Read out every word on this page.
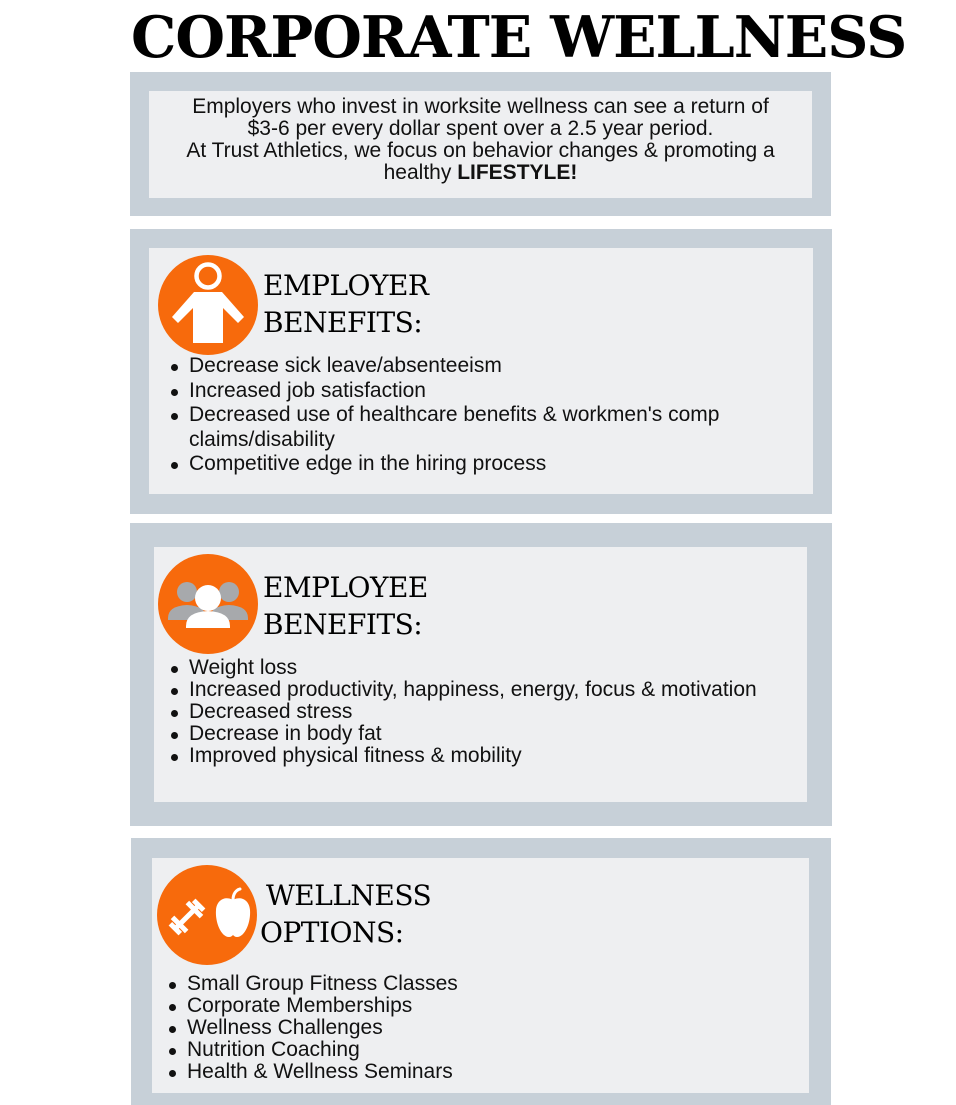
CORPORATE WELLNESS
Employers who invest in worksite wellness can see a return of
$3-6 per every dollar spent over a 2.5 year period.
At Trust Athletics, we focus on behavior changes & promoting a
healthy LIFESTYLE!
EMPLOYER
BENEFITS:
Decrease sick leave/absenteeism
Increased job satisfaction
Decreased use of healthcare benefits & workmen's comp claims/disability
Competitive edge in the hiring process
EMPLOYEE
BENEFITS:
Weight loss
Increased productivity, happiness, energy, focus & motivation
Decreased stress
Decrease in body fat
Improved physical fitness & mobility
WELLNESS
OPTIONS:
Small Group Fitness Classes
Corporate Memberships
Wellness Challenges
Nutrition Coaching
Health & Wellness Seminars
